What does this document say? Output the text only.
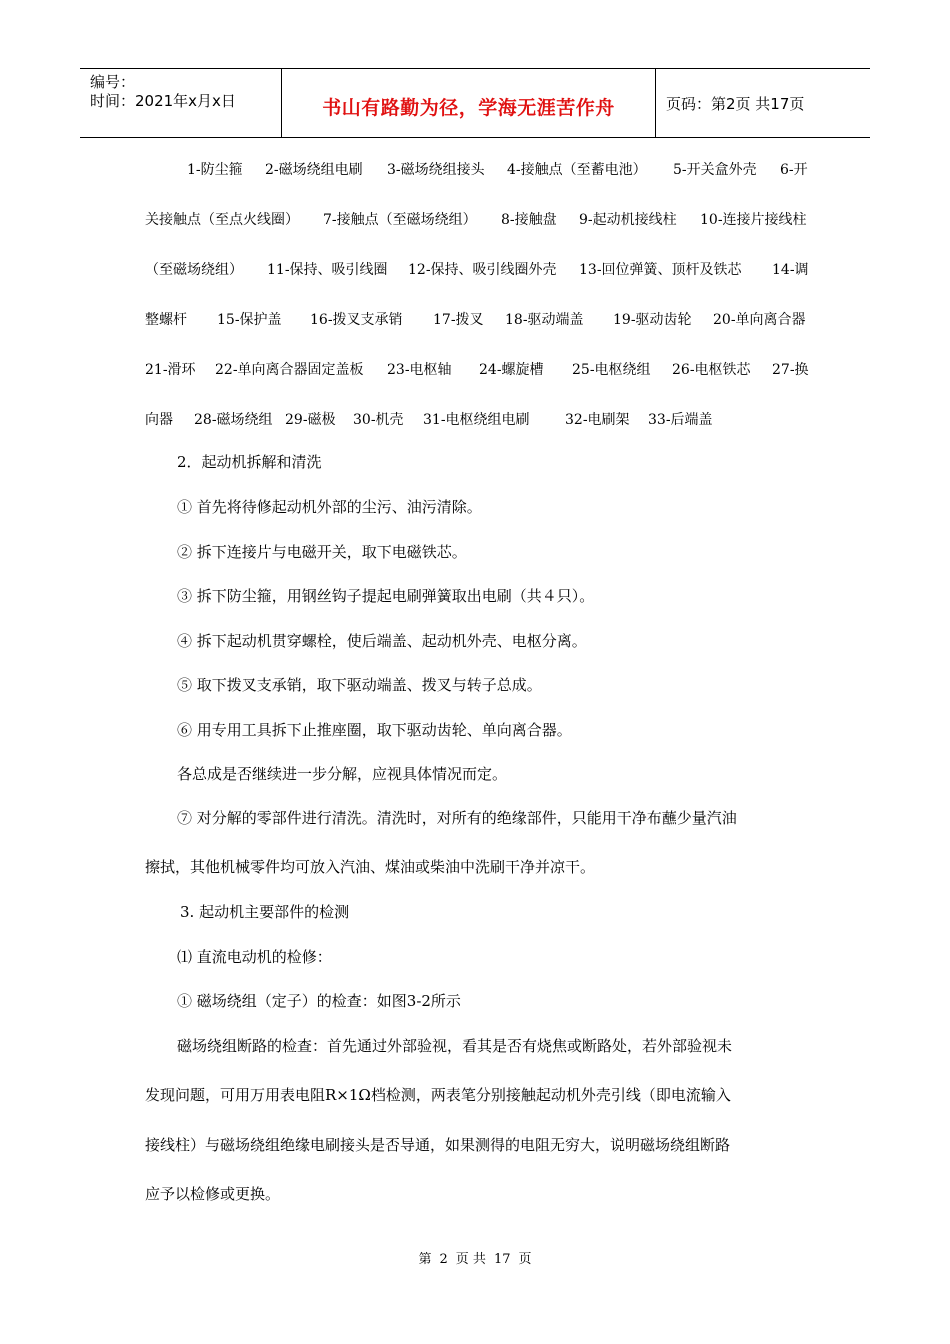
编号：
时间：2021年x月x日	书山有路勤为径，学海无涯苦作舟	页码：第2页 共17页
1-防尘箍 2-磁场绕组电刷 3-磁场绕组接头 4-接触点（至蓄电池） 5-开关盒外壳 6-开
关接触点（至点火线圈） 7-接触点（至磁场绕组） 8-接触盘 9-起动机接线柱 10-连接片接线柱
（至磁场绕组） 11-保持、吸引线圈 12-保持、吸引线圈外壳 13-回位弹簧、顶杆及铁芯 14-调
整螺杆 15-保护盖 16-拨叉支承销 17-拨叉 18-驱动端盖 19-驱动齿轮 20-单向离合器
21-滑环 22-单向离合器固定盖板 23-电枢轴 24-螺旋槽 25-电枢绕组 26-电枢铁芯 27-换
向器 28-磁场绕组 29-磁极 30-机壳 31-电枢绕组电刷	32-电刷架 33-后端盖
2．起动机拆解和清洗
① 首先将待修起动机外部的尘污、油污清除。
② 拆下连接片与电磁开关，取下电磁铁芯。
③ 拆下防尘箍，用钢丝钩子提起电刷弹簧取出电刷（共４只）。
④ 拆下起动机贯穿螺栓，使后端盖、起动机外壳、电枢分离。
⑤ 取下拨叉支承销，取下驱动端盖、拨叉与转子总成。
⑥ 用专用工具拆下止推座圈，取下驱动齿轮、单向离合器。
各总成是否继续进一步分解，应视具体情况而定。
⑦ 对分解的零部件进行清洗。清洗时，对所有的绝缘部件，只能用干净布蘸少量汽油
擦拭，其他机械零件均可放入汽油、煤油或柴油中洗刷干净并凉干。
3. 起动机主要部件的检测
⑴ 直流电动机的检修：
① 磁场绕组（定子）的检查：如图3-2所示
磁场绕组断路的检查：首先通过外部验视，看其是否有烧焦或断路处，若外部验视未
发现问题，可用万用表电阻R×1Ω档检测，两表笔分别接触起动机外壳引线（即电流输入
接线柱）与磁场绕组绝缘电刷接头是否导通，如果测得的电阻无穷大，说明磁场绕组断路
应予以检修或更换。
第 2 页 共 17 页
